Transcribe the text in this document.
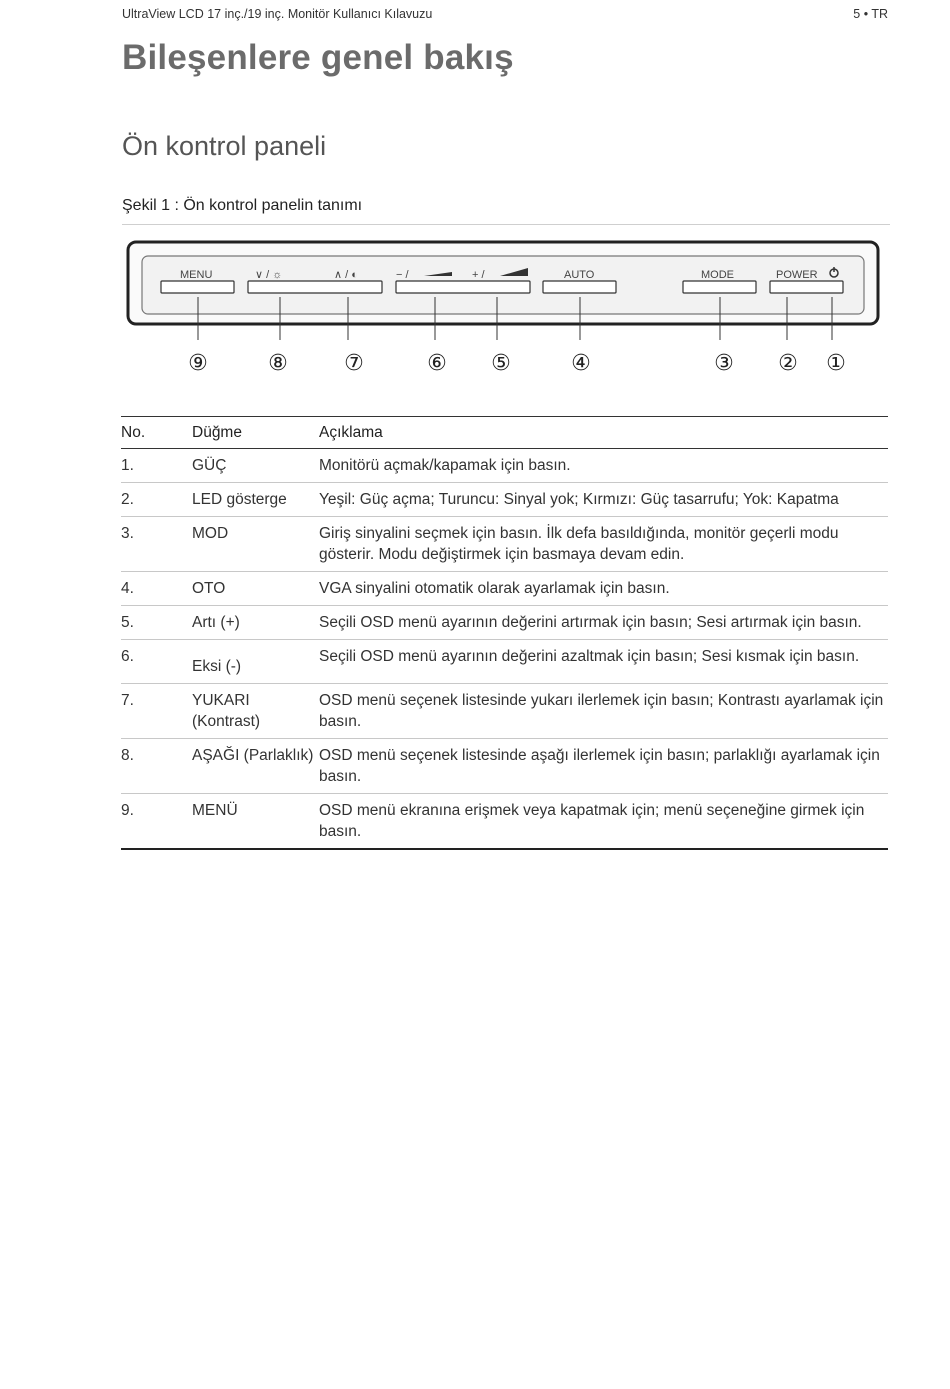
UltraView LCD 17 inç./19 inç. Monitör Kullanıcı Kılavuzu	5 • TR
Bileşenlere genel bakış
Ön kontrol paneli

Şekil 1 : Ön kontrol panelin tanımı

MENU	∨ / ☼	∧ / ◐	− /	+ /	AUTO	MODE	POWER
⑨	⑧	⑦	⑥ ⑤	④	③ ② ①
No.	Düğme	Açıklama
1.	GÜÇ	Monitörü açmak/kapamak için basın.
2.	LED gösterge	Yeşil: Güç açma; Turuncu: Sinyal yok; Kırmızı: Güç tasarrufu; Yok: Kapatma
3.	MOD	Giriş sinyalini seçmek için basın. İlk defa basıldığında, monitör geçerli modu gösterir. Modu değiştirmek için basmaya devam edin.
4.	OTO	VGA sinyalini otomatik olarak ayarlamak için basın.
5.	Artı (+)	Seçili OSD menü ayarının değerini artırmak için basın; Sesi artırmak için basın.
6.	Eksi (-)	Seçili OSD menü ayarının değerini azaltmak için basın; Sesi kısmak için basın.
7.	YUKARI (Kontrast)	OSD menü seçenek listesinde yukarı ilerlemek için basın; Kontrastı ayarlamak için basın.
8.	AŞAĞI (Parlaklık)	OSD menü seçenek listesinde aşağı ilerlemek için basın; parlaklığı ayarlamak için basın.
9.	MENÜ	OSD menü ekranına erişmek veya kapatmak için; menü seçeneğine girmek için basın.
